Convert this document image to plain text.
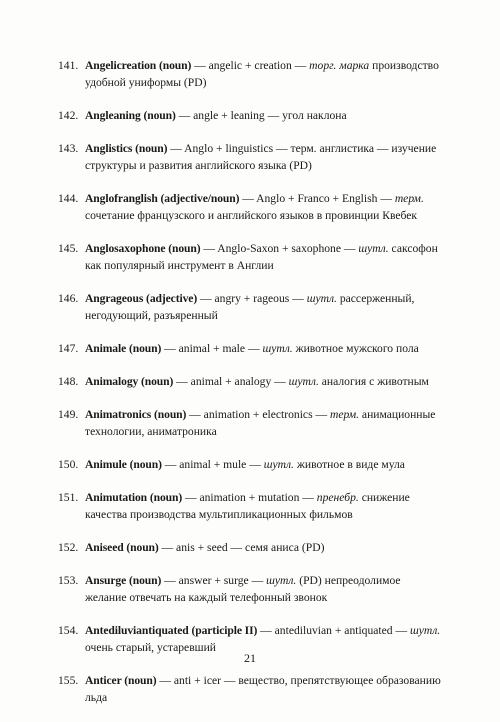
141. Angelicreation (noun) — angelic + creation — торг. марка производство удобной униформы (PD)
142. Angleaning (noun) — angle + leaning — угол наклона
143. Anglistics (noun) — Anglo + linguistics — терм. англистика — изучение структуры и развития английского языка (PD)
144. Anglofranglish (adjective/noun) — Anglo + Franco + English — терм. сочетание французского и английского языков в провинции Квебек
145. Anglosaxophone (noun) — Anglo-Saxon + saxophone — шутл. саксофон как популярный инструмент в Англии
146. Angrageous (adjective) — angry + rageous — шутл. рассерженный, негодующий, разъяренный
147. Animale (noun) — animal + male — шутл. животное мужского пола
148. Animalogy (noun) — animal + analogy — шутл. аналогия с животным
149. Animatronics (noun) — animation + electronics — терм. анимационные технологии, аниматроника
150. Animule (noun) — animal + mule — шутл. животное в виде мула
151. Animutation (noun) — animation + mutation — пренебр. снижение качества производства мультипликационных фильмов
152. Aniseed (noun) — anis + seed — семя аниса (PD)
153. Ansurge (noun) — answer + surge — шутл. (PD) непреодолимое желание отвечать на каждый телефонный звонок
154. Antediluviantiquated (participle II) — antediluvian + antiquated — шутл. очень старый, устаревший
155. Anticer (noun) — anti + icer — вещество, препятствующее образованию льда
21
